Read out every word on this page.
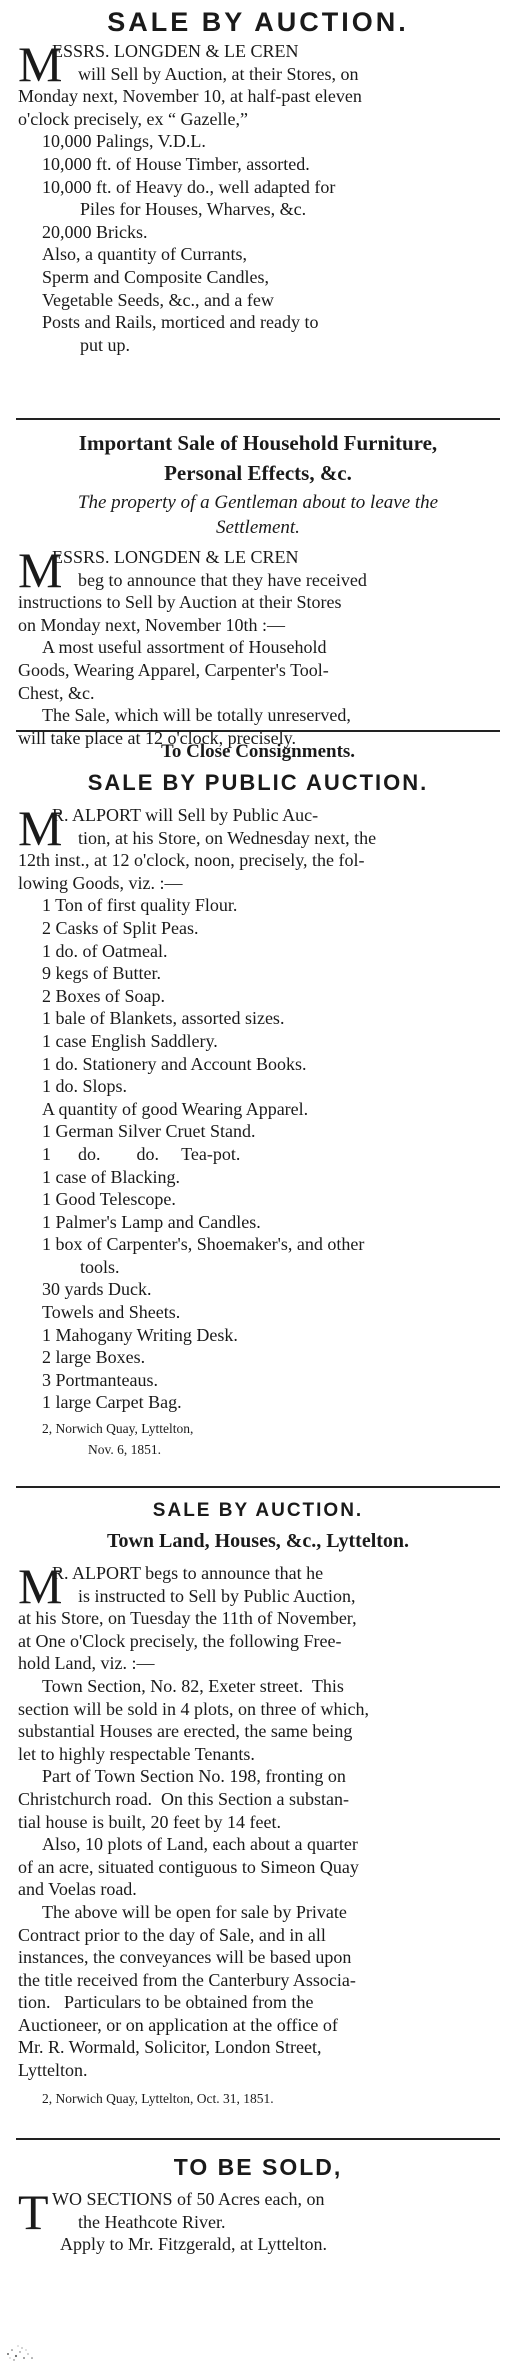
SALE BY AUCTION.
M
ESSRS. LONGDEN & LE CREN
will Sell by Auction, at their Stores, on
Monday next, November 10, at half-past eleven
o'clock precisely, ex “ Gazelle,”
10,000 Palings, V.D.L.
10,000 ft. of House Timber, assorted.
10,000 ft. of Heavy do., well adapted for
Piles for Houses, Wharves, &c.
20,000 Bricks.
Also, a quantity of Currants,
Sperm and Composite Candles,
Vegetable Seeds, &c., and a few
Posts and Rails, morticed and ready to
put up.
Important Sale of Household Furniture,
Personal Effects, &c.
The property of a Gentleman about to leave the
Settlement.
M
ESSRS. LONGDEN & LE CREN
beg to announce that they have received
instructions to Sell by Auction at their Stores
on Monday next, November 10th :—
A most useful assortment of Household
Goods, Wearing Apparel, Carpenter's Tool-
Chest, &c.
The Sale, which will be totally unreserved,
will take place at 12 o'clock, precisely.
To Close Consignments.
SALE BY PUBLIC AUCTION.
M
R. ALPORT will Sell by Public Auc-
tion, at his Store, on Wednesday next, the
12th inst., at 12 o'clock, noon, precisely, the fol-
lowing Goods, viz. :—
1 Ton of first quality Flour.
2 Casks of Split Peas.
1 do. of Oatmeal.
9 kegs of Butter.
2 Boxes of Soap.
1 bale of Blankets, assorted sizes.
1 case English Saddlery.
1 do. Stationery and Account Books.
1 do. Slops.
A quantity of good Wearing Apparel.
1 German Silver Cruet Stand.
1      do.        do.     Tea-pot.
1 case of Blacking.
1 Good Telescope.
1 Palmer's Lamp and Candles.
1 box of Carpenter's, Shoemaker's, and other
tools.
30 yards Duck.
Towels and Sheets.
1 Mahogany Writing Desk.
2 large Boxes.
3 Portmanteaus.
1 large Carpet Bag.
2, Norwich Quay, Lyttelton,
Nov. 6, 1851.
SALE BY AUCTION.
Town Land, Houses, &c., Lyttelton.
M
R. ALPORT begs to announce that he
is instructed to Sell by Public Auction,
at his Store, on Tuesday the 11th of November,
at One o'Clock precisely, the following Free-
hold Land, viz. :—
Town Section, No. 82, Exeter street.  This
section will be sold in 4 plots, on three of which,
substantial Houses are erected, the same being
let to highly respectable Tenants.
Part of Town Section No. 198, fronting on
Christchurch road.  On this Section a substan-
tial house is built, 20 feet by 14 feet.
Also, 10 plots of Land, each about a quarter
of an acre, situated contiguous to Simeon Quay
and Voelas road.
The above will be open for sale by Private
Contract prior to the day of Sale, and in all
instances, the conveyances will be based upon
the title received from the Canterbury Associa-
tion.   Particulars to be obtained from the
Auctioneer, or on application at the office of
Mr. R. Wormald, Solicitor, London Street,
Lyttelton.
2, Norwich Quay, Lyttelton, Oct. 31, 1851.
TO BE SOLD,
T WO SECTIONS of 50 Acres each, on
the Heathcote River.
Apply to Mr. Fitzgerald, at Lyttelton.
